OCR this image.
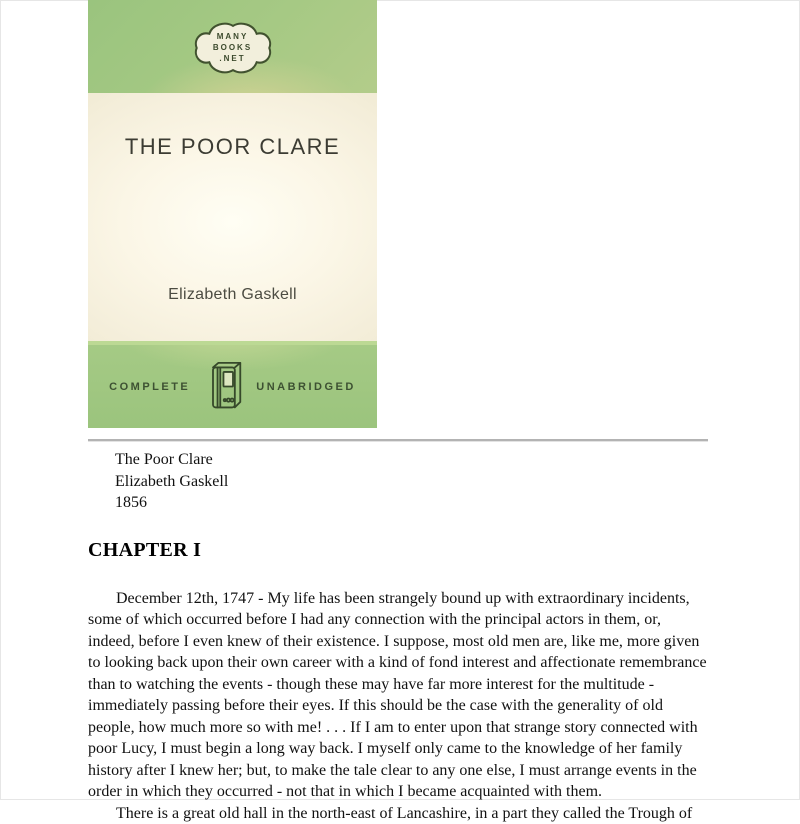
MANY
BOOKS
.NET
THE POOR CLARE
Elizabeth Gaskell
COMPLETE	UNABRIDGED
The Poor Clare
Elizabeth Gaskell
1856
CHAPTER I

December 12th, 1747 - My life has been strangely bound up with extraordinary incidents, some of which occurred before I had any connection with the principal actors in them, or, indeed, before I even knew of their existence. I suppose, most old men are, like me, more given to looking back upon their own career with a kind of fond interest and affectionate remembrance than to watching the events - though these may have far more interest for the multitude - immediately passing before their eyes. If this should be the case with the generality of old people, how much more so with me! . . . If I am to enter upon that strange story connected with poor Lucy, I must begin a long way back. I myself only came to the knowledge of her family history after I knew her; but, to make the tale clear to any one else, I must arrange events in the order in which they occurred - not that in which I became acquainted with them.

There is a great old hall in the north-east of Lancashire, in a part they called the Trough of
